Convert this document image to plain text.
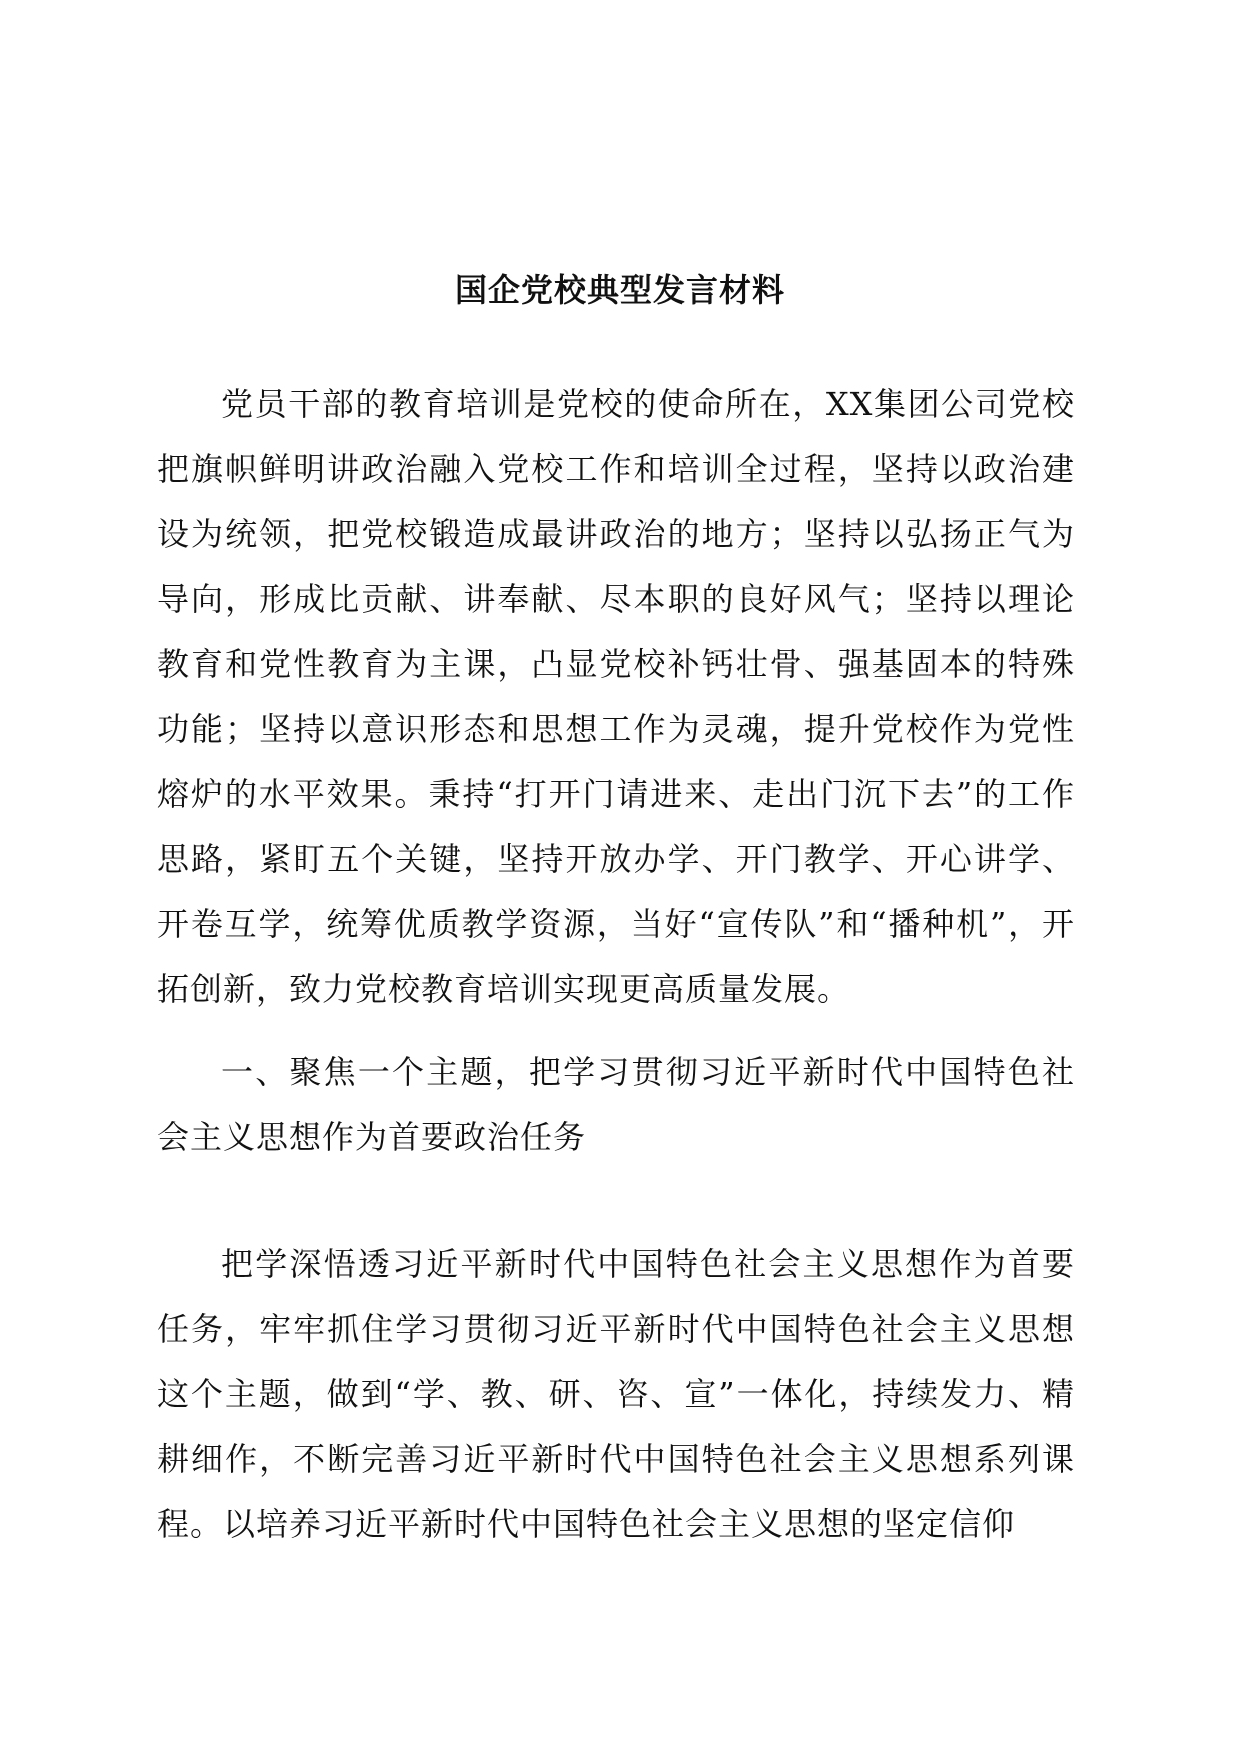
国企党校典型发言材料

党员干部的教育培训是党校的使命所在，XX集团公司党校把旗帜鲜明讲政治融入党校工作和培训全过程，坚持以政治建设为统领，把党校锻造成最讲政治的地方；坚持以弘扬正气为导向，形成比贡献、讲奉献、尽本职的良好风气；坚持以理论教育和党性教育为主课，凸显党校补钙壮骨、强基固本的特殊功能；坚持以意识形态和思想工作为灵魂，提升党校作为党性熔炉的水平效果。秉持“打开门请进来、走出门沉下去”的工作思路，紧盯五个关键，坚持开放办学、开门教学、开心讲学、开卷互学，统筹优质教学资源，当好“宣传队”和“播种机”，开拓创新，致力党校教育培训实现更高质量发展。

一、聚焦一个主题，把学习贯彻习近平新时代中国特色社会主义思想作为首要政治任务

把学深悟透习近平新时代中国特色社会主义思想作为首要任务，牢牢抓住学习贯彻习近平新时代中国特色社会主义思想这个主题，做到“学、教、研、咨、宣”一体化，持续发力、精耕细作，不断完善习近平新时代中国特色社会主义思想系列课程。以培养习近平新时代中国特色社会主义思想的坚定信仰
